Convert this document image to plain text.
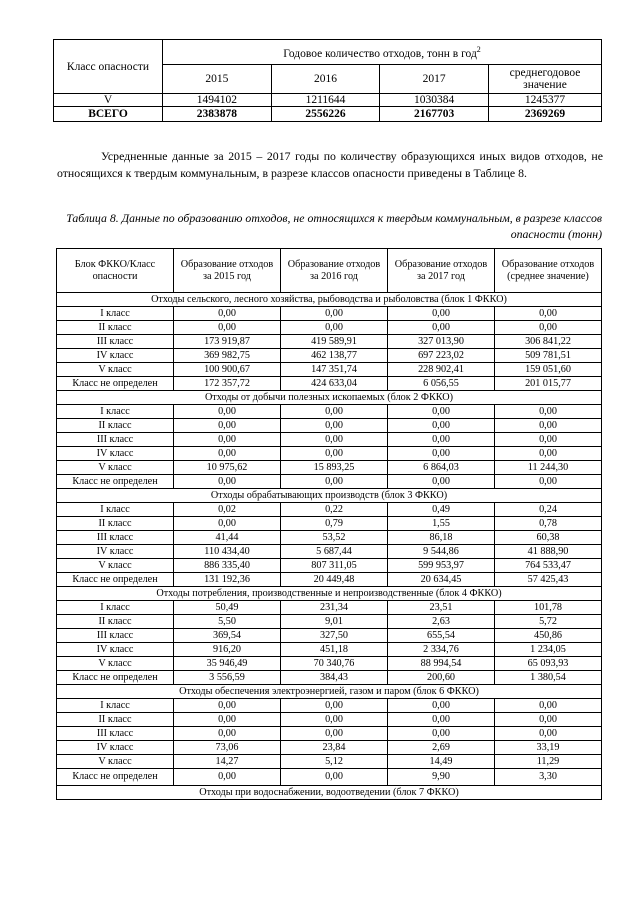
Класс опасности	Годовое количество отходов, тонн в год$^2$
	2015	2016	2017	среднегодовое значение
V	1494102	1211644	1030384	1245377
ВСЕГО	2383878	2556226	2167703	2369269

Усредненные данные за 2015 – 2017 годы по количеству образующихся иных видов отходов, не относящихся к твердым коммунальным, в разрезе классов опасности приведены в Таблице 8.

Таблица 8. Данные по образованию отходов, не относящихся к твердым коммунальным, в разрезе классов опасности (тонн)

Блок ФККО/Класс опасности	Образование отходов за 2015 год	Образование отходов за 2016 год	Образование отходов за 2017 год	Образование отходов (среднее значение)
Отходы сельского, лесного хозяйства, рыбоводства и рыболовства (блок 1 ФККО)				
I класс	0,00	0,00	0,00	0,00
II класс	0,00	0,00	0,00	0,00
III класс	173 919,87	419 589,91	327 013,90	306 841,22
IV класс	369 982,75	462 138,77	697 223,02	509 781,51
V класс	100 900,67	147 351,74	228 902,41	159 051,60
Класс не определен	172 357,72	424 633,04	6 056,55	201 015,77
Отходы от добычи полезных ископаемых (блок 2 ФККО)				
I класс	0,00	0,00	0,00	0,00
II класс	0,00	0,00	0,00	0,00
III класс	0,00	0,00	0,00	0,00
IV класс	0,00	0,00	0,00	0,00
V класс	10 975,62	15 893,25	6 864,03	11 244,30
Класс не определен	0,00	0,00	0,00	0,00
Отходы обрабатывающих производств (блок 3 ФККО)				
I класс	0,02	0,22	0,49	0,24
II класс	0,00	0,79	1,55	0,78
III класс	41,44	53,52	86,18	60,38
IV класс	110 434,40	5 687,44	9 544,86	41 888,90
V класс	886 335,40	807 311,05	599 953,97	764 533,47
Класс не определен	131 192,36	20 449,48	20 634,45	57 425,43
Отходы потребления, производственные и непроизводственные (блок 4 ФККО)				
I класс	50,49	231,34	23,51	101,78
II класс	5,50	9,01	2,63	5,72
III класс	369,54	327,50	655,54	450,86
IV класс	916,20	451,18	2 334,76	1 234,05
V класс	35 946,49	70 340,76	88 994,54	65 093,93
Класс не определен	3 556,59	384,43	200,60	1 380,54
Отходы обеспечения электроэнергией, газом и паром (блок 6 ФККО)				
I класс	0,00	0,00	0,00	0,00
II класс	0,00	0,00	0,00	0,00
III класс	0,00	0,00	0,00	0,00
IV класс	73,06	23,84	2,69	33,19
V класс	14,27	5,12	14,49	11,29
Класс не определен	0,00	0,00	9,90	3,30
Отходы при водоснабжении, водоотведении (блок 7 ФККО)				
